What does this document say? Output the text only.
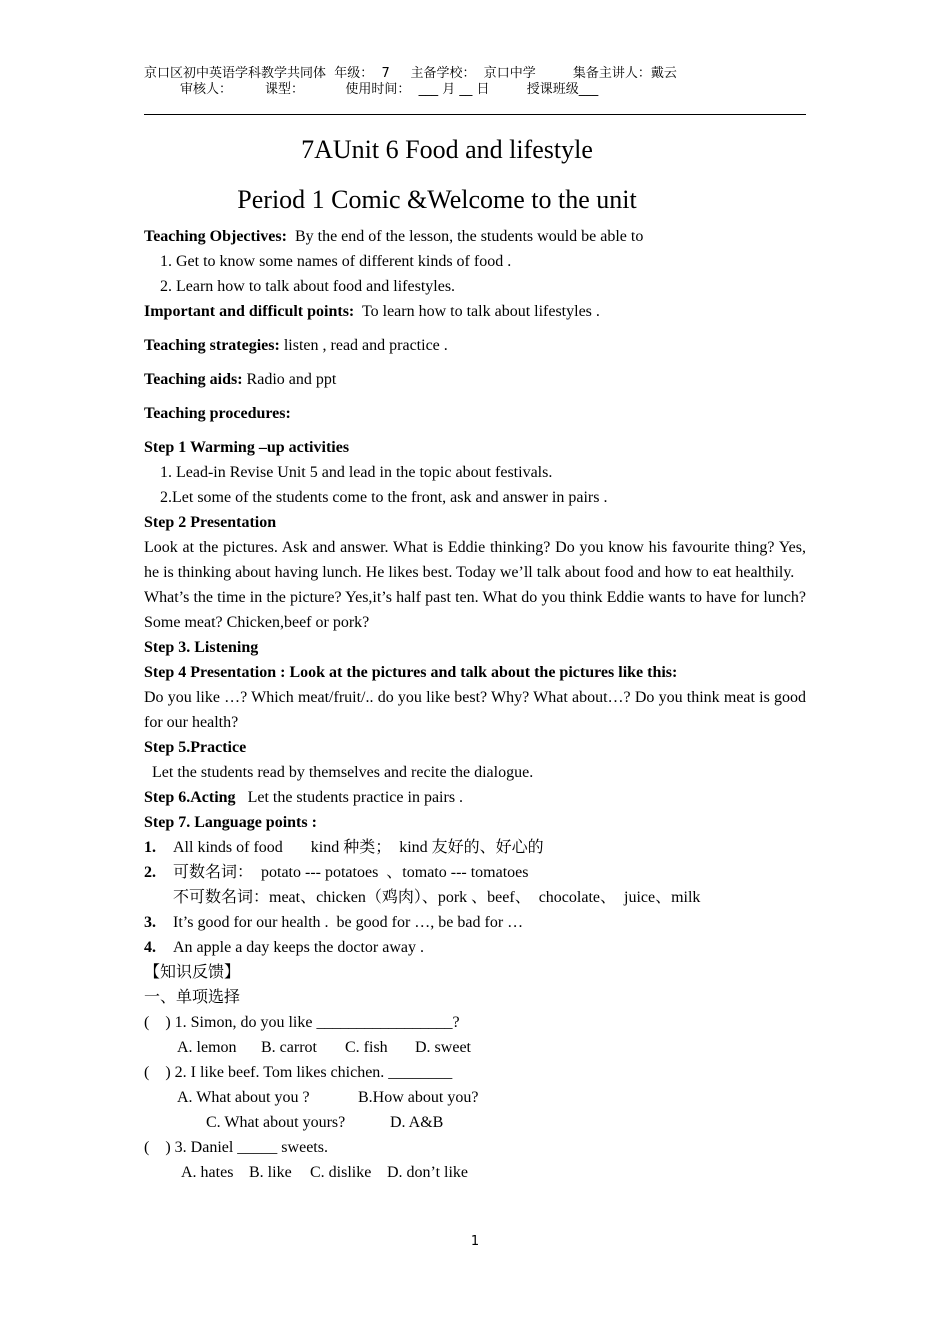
京口区初中英语学科教学共同体  年级：  7     主备学校：  京口中学         集备主讲人：戴云
审核人：        课型：          使用时间：  ___ 月 __ 日         授课班级___
7AUnit 6 Food and lifestyle
Period 1 Comic &Welcome to the unit
Teaching Objectives:  By the end of the lesson, the students would be able to
1. Get to know some names of different kinds of food .
2. Learn how to talk about food and lifestyles.
Important and difficult points:  To learn how to talk about lifestyles .
Teaching strategies: listen , read and practice .
Teaching aids: Radio and ppt
Teaching procedures:
Step 1 Warming –up activities
1. Lead-in Revise Unit 5 and lead in the topic about festivals.
2.Let some of the students come to the front, ask and answer in pairs .
Step 2 Presentation
Look at the pictures. Ask and answer. What is Eddie thinking? Do you know his favourite thing? Yes, he is thinking about having lunch. He likes best. Today we’ll talk about food and how to eat healthily.
What’s the time in the picture? Yes,it’s half past ten. What do you think Eddie wants to have for lunch? Some meat? Chicken,beef or pork?
Step 3. Listening
Step 4 Presentation : Look at the pictures and talk about the pictures like this:
Do you like …? Which meat/fruit/.. do you like best? Why? What about…? Do you think meat is good for our health?
Step 5.Practice
Let the students read by themselves and recite the dialogue.
Step 6.Acting   Let the students practice in pairs .
Step 7. Language points :
1. All kinds of food       kind 种类；  kind 友好的、好心的
2. 可数名词：  potato --- potatoes  、tomato --- tomatoes
不可数名词：meat、chicken（鸡肉）、pork 、beef、  chocolate、  juice、milk
3. It’s good for our health .  be good for …, be bad for …
4. An apple a day keeps the doctor away .
【知识反馈】
一、单项选择
(    ) 1. Simon, do you like _________________?
A. lemon B. carrot C. fish D. sweet
(    ) 2. I like beef. Tom likes chichen. ________
A. What about you ?	B.How about you?
C. What about yours?	D. A&B
(    ) 3. Daniel _____ sweets.
A. hates B. like C. dislike D. don’t like
1
